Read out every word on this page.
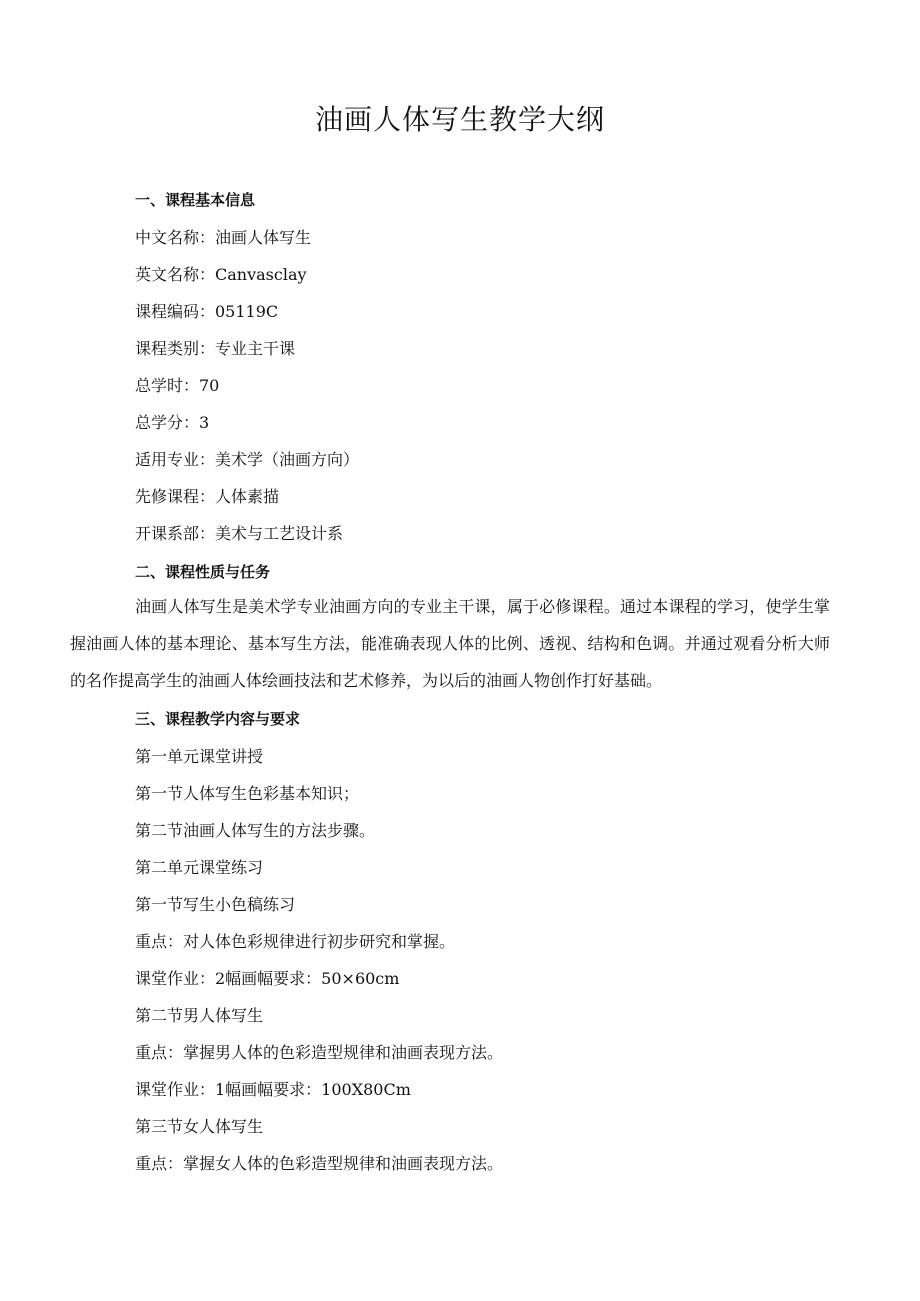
油画人体写生教学大纲
一、课程基本信息
中文名称：油画人体写生
英文名称：Canvasclay
课程编码：05119C
课程类别：专业主干课
总学时：70
总学分：3
适用专业：美术学（油画方向）
先修课程：人体素描
开课系部：美术与工艺设计系
二、课程性质与任务

油画人体写生是美术学专业油画方向的专业主干课，属于必修课程。通过本课程的学习，使学生掌握油画人体的基本理论、基本写生方法，能准确表现人体的比例、透视、结构和色调。并通过观看分析大师的名作提高学生的油画人体绘画技法和艺术修养，为以后的油画人物创作打好基础。

三、课程教学内容与要求
第一单元课堂讲授
第一节人体写生色彩基本知识；
第二节油画人体写生的方法步骤。
第二单元课堂练习
第一节写生小色稿练习
重点：对人体色彩规律进行初步研究和掌握。
课堂作业：2幅画幅要求：50×60cm
第二节男人体写生
重点：掌握男人体的色彩造型规律和油画表现方法。
课堂作业：1幅画幅要求：100X80Cm
第三节女人体写生
重点：掌握女人体的色彩造型规律和油画表现方法。
